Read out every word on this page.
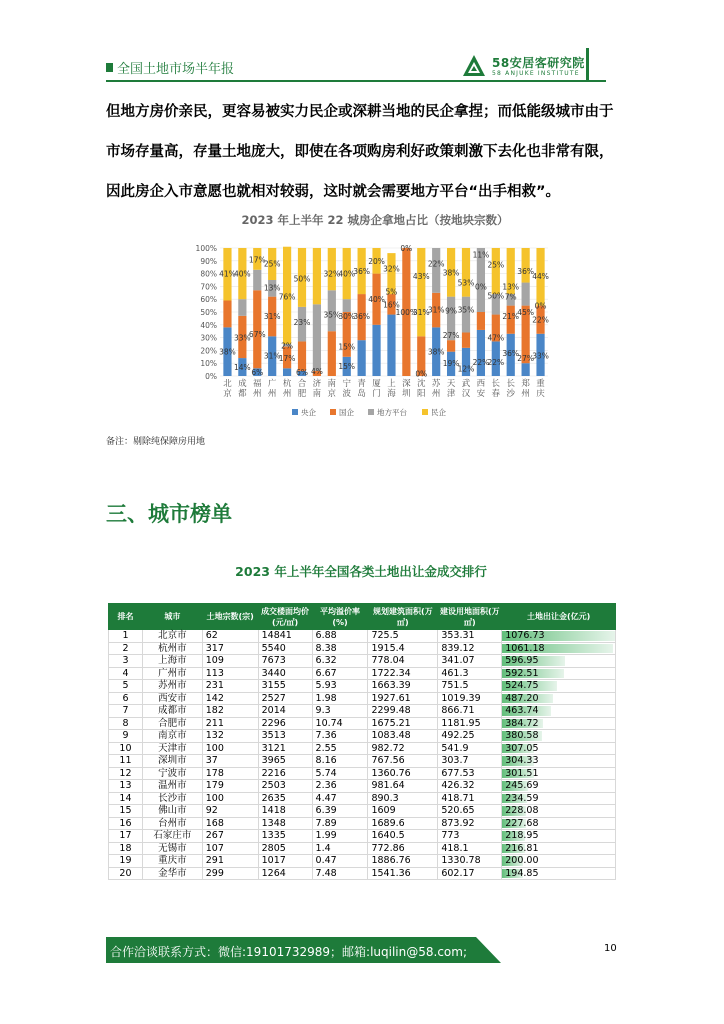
全国土地市场半年报	58安居客研究院
58 ANJUKE INSTITUTE
但地方房价亲民，更容易被实力民企或深耕当地的民企拿捏；而低能级城市由于市场存量高，存量土地庞大，即使在各项购房利好政策刺激下去化也非常有限，因此房企入市意愿也就相对较弱，这时就会需要地方平台“出手相救”。
2023 年上半年 22 城房企拿地占比（按地块宗数）
0%
10%
20%
30%
40%
50%
60%
70%
80%
90%
100%
北
京
38%
41%
成
都
14%
33%
40%
福
州
6%
67%
17%
广
州
31%
31%
13%
25%
杭
州
17%
2%
76%
合
肥
6%
23%
50%
济
南
4%
南
京
35%
32%
宁
波
15%
15%
30%
40%
青
岛
36%
36%
厦
门
40%
20%
上
海
16%
5%
32%
深
圳
0%
100%
沈
阳
0%
31%
43%
苏
州
38%
31%
22%
天
津
19%
27%
9%
38%
武
汉
12%
35%
53%
西
安
22%
0%
11%
长
春
22%
47%
50%
25%
长
沙
36%
21%
7%
13%
郑
州
27%
45%
36%
重
庆
33%
22%
0%
44%
央企	国企	地方平台	民企
备注：剔除纯保障房用地
三、城市榜单
2023 年上半年全国各类土地出让金成交排行
排名	城市	土地宗数(宗)	成交楼面均价(元/㎡)	平均溢价率(%)	规划建筑面积(万㎡)	建设用地面积(万㎡)	土地出让金(亿元)
1	北京市	62	14841	6.88	725.5	353.31	1076.73
2	杭州市	317	5540	8.38	1915.4	839.12	1061.18
3	上海市	109	7673	6.32	778.04	341.07	596.95
4	广州市	113	3440	6.67	1722.34	461.3	592.51
5	苏州市	231	3155	5.93	1663.39	751.5	524.75
6	西安市	142	2527	1.98	1927.61	1019.39	487.20
7	成都市	182	2014	9.3	2299.48	866.71	463.74
8	合肥市	211	2296	10.74	1675.21	1181.95	384.72
9	南京市	132	3513	7.36	1083.48	492.25	380.58
10	天津市	100	3121	2.55	982.72	541.9	307.05
11	深圳市	37	3965	8.16	767.56	303.7	304.33
12	宁波市	178	2216	5.74	1360.76	677.53	301.51
13	温州市	179	2503	2.36	981.64	426.32	245.69
14	长沙市	100	2635	4.47	890.3	418.71	234.59
15	佛山市	92	1418	6.39	1609	520.65	228.08
16	台州市	168	1348	7.89	1689.6	873.92	227.68
17	石家庄市	267	1335	1.99	1640.5	773	218.95
18	无锡市	107	2805	1.4	772.86	418.1	216.81
19	重庆市	291	1017	0.47	1886.76	1330.78	200.00
20	金华市	299	1264	7.48	1541.36	602.17	194.85
合作洽谈联系方式：微信:19101732989；邮箱:luqilin@58.com;	10
